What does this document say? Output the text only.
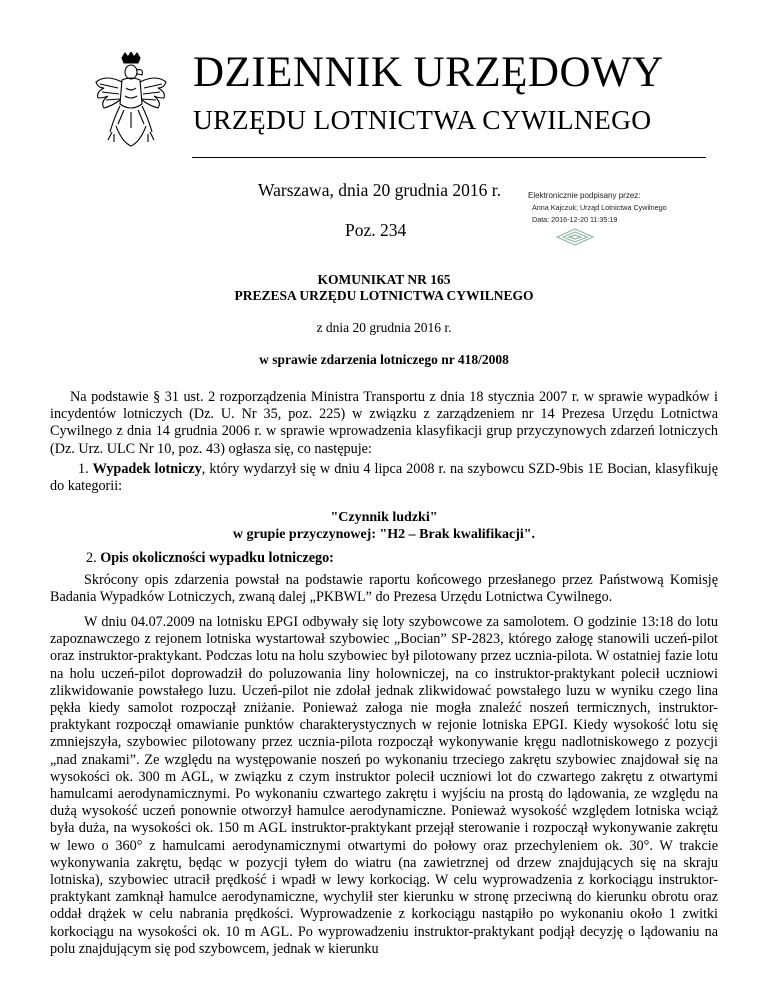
DZIENNIK URZĘDOWY
URZĘDU LOTNICTWA CYWILNEGO
Warszawa, dnia 20 grudnia 2016 r.
Poz. 234
Elektronicznie podpisany przez:
Anna Kajczuk; Urząd Lotnictwa Cywilnego
Data: 2016-12-20 11:35:19
KOMUNIKAT NR 165
PREZESA URZĘDU LOTNICTWA CYWILNEGO
z dnia 20 grudnia 2016 r.
w sprawie zdarzenia lotniczego nr 418/2008
Na podstawie § 31 ust. 2 rozporządzenia Ministra Transportu z dnia 18 stycznia 2007 r. w sprawie wypadków i incydentów lotniczych (Dz. U. Nr 35, poz. 225) w związku z zarządzeniem nr 14 Prezesa Urzędu Lotnictwa Cywilnego z dnia 14 grudnia 2006 r. w sprawie wprowadzenia klasyfikacji grup przyczynowych zdarzeń lotniczych (Dz. Urz. ULC Nr 10, poz. 43) ogłasza się, co następuje:
1. Wypadek lotniczy, który wydarzył się w dniu 4 lipca 2008 r. na szybowcu SZD-9bis 1E Bocian, klasyfikuję do kategorii:
"Czynnik ludzki"
w grupie przyczynowej: "H2 – Brak kwalifikacji".
2. Opis okoliczności wypadku lotniczego:
Skrócony opis zdarzenia powstał na podstawie raportu końcowego przesłanego przez Państwową Komisję Badania Wypadków Lotniczych, zwaną dalej „PKBWL” do Prezesa Urzędu Lotnictwa Cywilnego.
W dniu 04.07.2009 na lotnisku EPGI odbywały się loty szybowcowe za samolotem. O godzinie 13:18 do lotu zapoznawczego z rejonem lotniska wystartował szybowiec „Bocian” SP-2823, którego załogę stanowili uczeń-pilot oraz instruktor-praktykant. Podczas lotu na holu szybowiec był pilotowany przez ucznia-pilota. W ostatniej fazie lotu na holu uczeń-pilot doprowadził do poluzowania liny holowniczej, na co instruktor-praktykant polecił uczniowi zlikwidowanie powstałego luzu. Uczeń-pilot nie zdołał jednak zlikwidować powstałego luzu w wyniku czego lina pękła kiedy samolot rozpoczął zniżanie. Ponieważ załoga nie mogła znaleźć noszeń termicznych, instruktor-praktykant rozpoczął omawianie punktów charakterystycznych w rejonie lotniska EPGI. Kiedy wysokość lotu się zmniejszyła, szybowiec pilotowany przez ucznia-pilota rozpoczął wykonywanie kręgu nadlotniskowego z pozycji „nad znakami”. Ze względu na występowanie noszeń po wykonaniu trzeciego zakrętu szybowiec znajdował się na wysokości ok. 300 m AGL, w związku z czym instruktor polecił uczniowi lot do czwartego zakrętu z otwartymi hamulcami aerodynamicznymi. Po wykonaniu czwartego zakrętu i wyjściu na prostą do lądowania, ze względu na dużą wysokość uczeń ponownie otworzył hamulce aerodynamiczne. Ponieważ wysokość względem lotniska wciąż była duża, na wysokości ok. 150 m AGL instruktor-praktykant przejął sterowanie i rozpoczął wykonywanie zakrętu w lewo o 360° z hamulcami aerodynamicznymi otwartymi do połowy oraz przechyleniem ok. 30°. W trakcie wykonywania zakrętu, będąc w pozycji tyłem do wiatru (na zawietrznej od drzew znajdujących się na skraju lotniska), szybowiec utracił prędkość i wpadł w lewy korkociąg. W celu wyprowadzenia z korkociągu instruktor-praktykant zamknął hamulce aerodynamiczne, wychylił ster kierunku w stronę przeciwną do kierunku obrotu oraz oddał drążek w celu nabrania prędkości. Wyprowadzenie z korkociągu nastąpiło po wykonaniu około 1 zwitki korkociągu na wysokości ok. 10 m AGL. Po wyprowadzeniu instruktor-praktykant podjął decyzję o lądowaniu na polu znajdującym się pod szybowcem, jednak w kierunku
